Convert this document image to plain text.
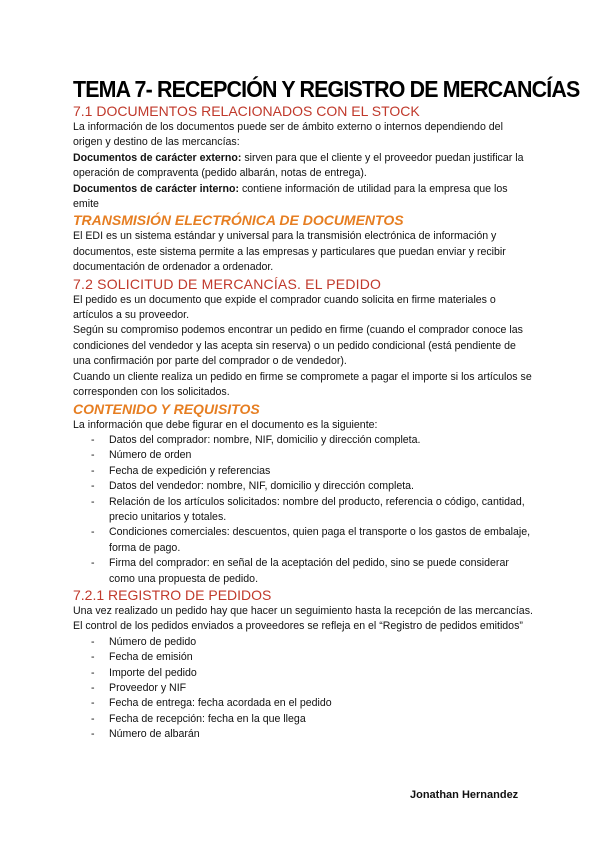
TEMA 7- RECEPCIÓN Y REGISTRO DE MERCANCÍAS
7.1 DOCUMENTOS RELACIONADOS CON EL STOCK

La información de los documentos puede ser de ámbito externo o internos dependiendo del origen y destino de las mercancías:

Documentos de carácter externo: sirven para que el cliente y el proveedor puedan justificar la operación de compraventa (pedido albarán, notas de entrega).

Documentos de carácter interno: contiene información de utilidad para la empresa que los emite

TRANSMISIÓN ELECTRÓNICA DE DOCUMENTOS

El EDI es un sistema estándar y universal para la transmisión electrónica de información y documentos, este sistema permite a las empresas y particulares que puedan enviar y recibir documentación de ordenador a ordenador.

7.2 SOLICITUD DE MERCANCÍAS. EL PEDIDO

El pedido es un documento que expide el comprador cuando solicita en firme materiales o artículos a su proveedor.

Según su compromiso podemos encontrar un pedido en firme (cuando el comprador conoce las condiciones del vendedor y las acepta sin reserva) o un pedido condicional (está pendiente de una confirmación por parte del comprador o de vendedor).

Cuando un cliente realiza un pedido en firme se compromete a pagar el importe si los artículos se corresponden con los solicitados.

CONTENIDO Y REQUISITOS

La información que debe figurar en el documento es la siguiente:

- Datos del comprador: nombre, NIF, domicilio y dirección completa.
- Número de orden
- Fecha de expedición y referencias
- Datos del vendedor: nombre, NIF, domicilio y dirección completa.
- Relación de los artículos solicitados: nombre del producto, referencia o código, cantidad, precio unitarios y totales.
- Condiciones comerciales: descuentos, quien paga el transporte o los gastos de embalaje, forma de pago.
- Firma del comprador: en señal de la aceptación del pedido, sino se puede considerar como una propuesta de pedido.
7.2.1 REGISTRO DE PEDIDOS

Una vez realizado un pedido hay que hacer un seguimiento hasta la recepción de las mercancías. El control de los pedidos enviados a proveedores se refleja en el “Registro de pedidos emitidos”

- Número de pedido
- Fecha de emisión
- Importe del pedido
- Proveedor y NIF
- Fecha de entrega: fecha acordada en el pedido
- Fecha de recepción: fecha en la que llega
- Número de albarán
Jonathan Hernandez
